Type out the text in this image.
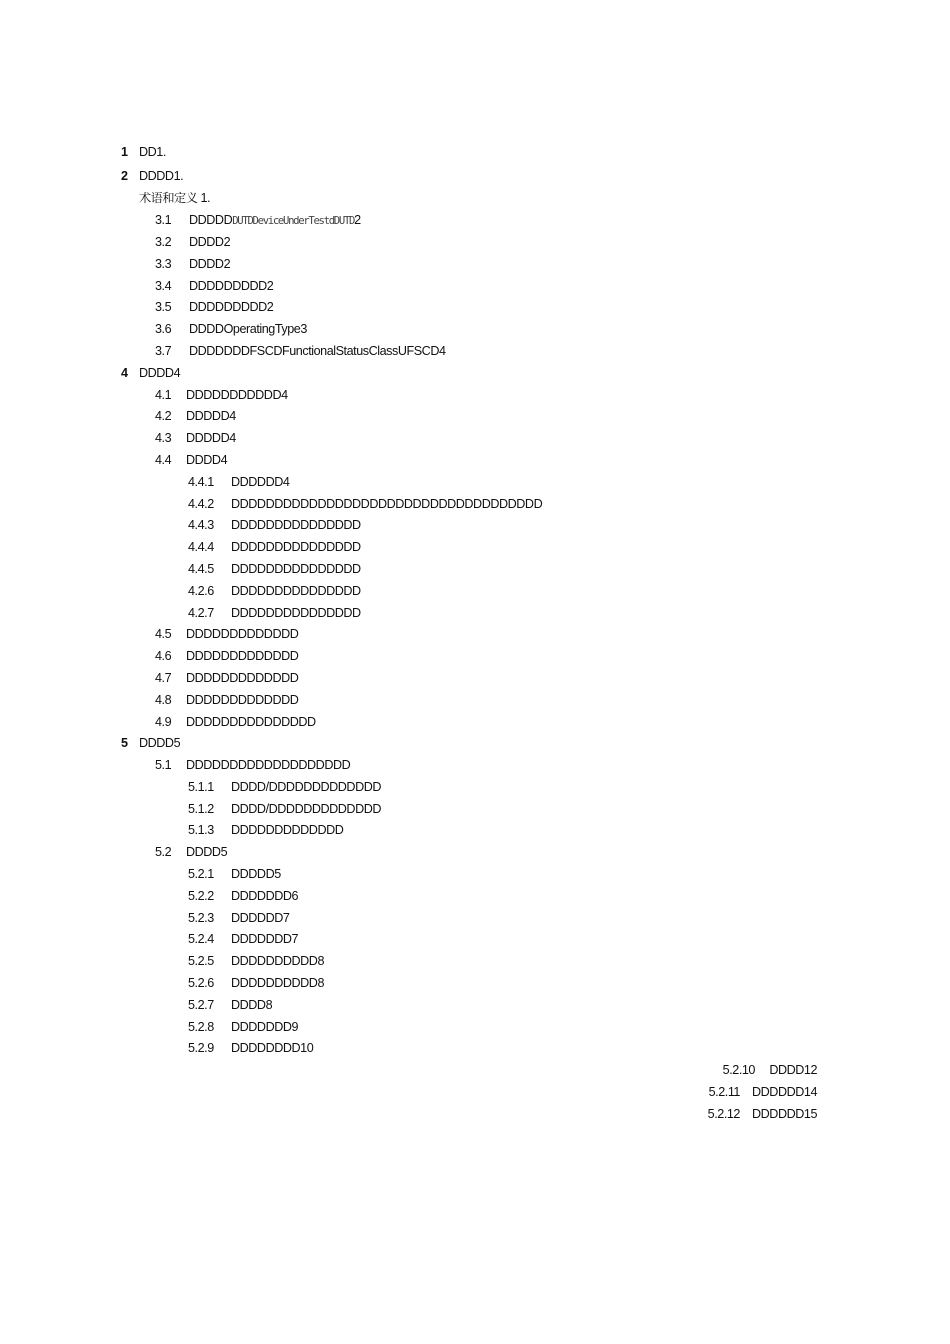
1 DD1.
2 DDDD1.
术语和定义 1.
3.1 DDDDDDUTDDeviceUnderTestdDUTD2
3.2 DDDD2
3.3 DDDD2
3.4 DDDDDDDDD2
3.5 DDDDDDDDD2
3.6 DDDDOperatingType3
3.7 DDDDDDDFSCDFunctionalStatusClassUFSCD4
4 DDDD4
4.1 DDDDDDDDDDD4
4.2 DDDDD4
4.3 DDDDD4
4.4 DDDD4
4.4.1 DDDDDD4
4.4.2 DDDDDDDDDDDDDDDDDDDDDDDDDDDDDDDDDDDD
4.4.3 DDDDDDDDDDDDDDD
4.4.4 DDDDDDDDDDDDDDD
4.4.5 DDDDDDDDDDDDDDD
4.2.6 DDDDDDDDDDDDDDD
4.2.7 DDDDDDDDDDDDDDD
4.5 DDDDDDDDDDDDD
4.6 DDDDDDDDDDDDD
4.7 DDDDDDDDDDDDD
4.8 DDDDDDDDDDDDD
4.9 DDDDDDDDDDDDDDD
5 DDDD5
5.1 DDDDDDDDDDDDDDDDDDD
5.1.1 DDDD/DDDDDDDDDDDDD
5.1.2 DDDD/DDDDDDDDDDDDD
5.1.3 DDDDDDDDDDDDD
5.2 DDDD5
5.2.1 DDDDD5
5.2.2 DDDDDDD6
5.2.3 DDDDDD7
5.2.4 DDDDDDD7
5.2.5 DDDDDDDDDD8
5.2.6 DDDDDDDDDD8
5.2.7 DDDD8
5.2.8 DDDDDDD9
5.2.9 DDDDDDDD10
5.2.10 DDDD12
5.2.11 DDDDDD14
5.2.12 DDDDDD15
